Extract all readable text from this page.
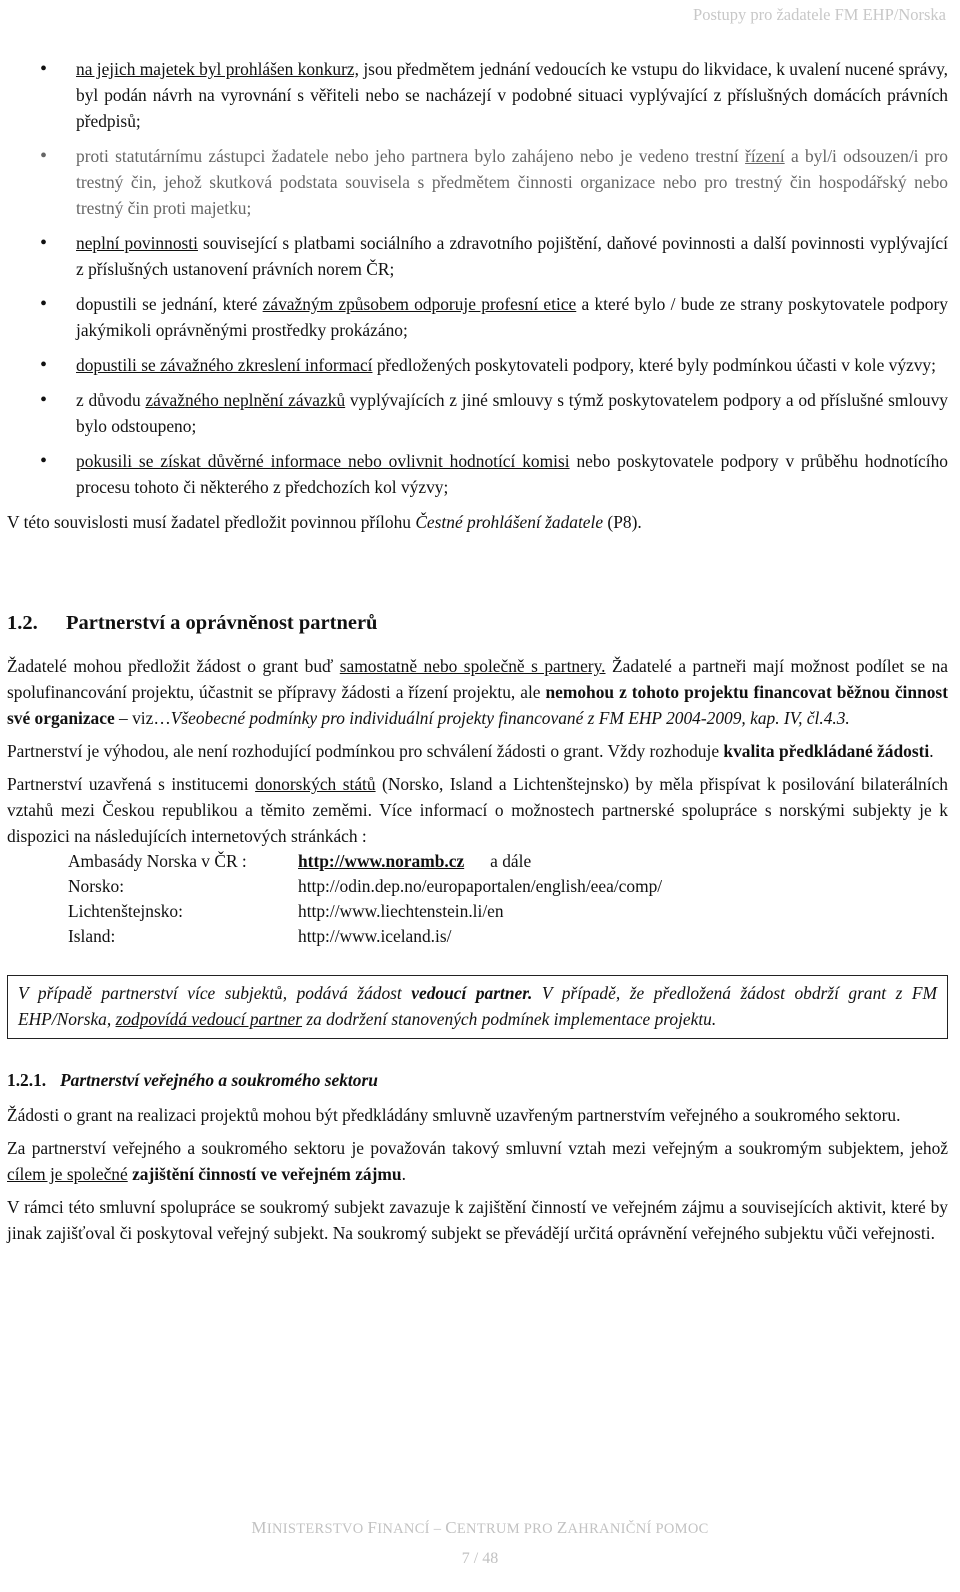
Postupy pro žadatele FM EHP/Norska
• na jejich majetek byl prohlášen konkurz, jsou předmětem jednání vedoucích ke vstupu do likvidace, k uvalení nucené správy, byl podán návrh na vyrovnání s věřiteli nebo se nacházejí v podobné situaci vyplývající z příslušných domácích právních předpisů;
• proti statutárnímu zástupci žadatele nebo jeho partnera bylo zahájeno nebo je vedeno trestní řízení a byl/i odsouzen/i pro trestný čin, jehož skutková podstata souvisela s předmětem činnosti organizace nebo pro trestný čin hospodářský nebo trestný čin proti majetku;
• neplní povinnosti související s platbami sociálního a zdravotního pojištění, daňové povinnosti a další povinnosti vyplývající z příslušných ustanovení právních norem ČR;
• dopustili se jednání, které závažným způsobem odporuje profesní etice a které bylo / bude ze strany poskytovatele podpory jakýmikoli oprávněnými prostředky prokázáno;
• dopustili se závažného zkreslení informací předložených poskytovateli podpory, které byly podmínkou účasti v kole výzvy;
• z důvodu závažného neplnění závazků vyplývajících z jiné smlouvy s týmž poskytovatelem podpory a od příslušné smlouvy bylo odstoupeno;
• pokusili se získat důvěrné informace nebo ovlivnit hodnotící komisi nebo poskytovatele podpory v průběhu hodnotícího procesu tohoto či některého z předchozích kol výzvy;

V této souvislosti musí žadatel předložit povinnou přílohu Čestné prohlášení žadatele (P8).

1.2. Partnerství a oprávněnost partnerů

Žadatelé mohou předložit žádost o grant buď samostatně nebo společně s partnery. Žadatelé a partneři mají možnost podílet se na spolufinancování projektu, účastnit se přípravy žádosti a řízení projektu, ale nemohou z tohoto projektu financovat běžnou činnost své organizace – viz…Všeobecné podmínky pro individuální projekty financované z FM EHP 2004-2009, kap. IV, čl.4.3.

Partnerství je výhodou, ale není rozhodující podmínkou pro schválení žádosti o grant. Vždy rozhoduje kvalita předkládané žádosti.

Partnerství uzavřená s institucemi donorských států (Norsko, Island a Lichtenštejnsko) by měla přispívat k posilování bilaterálních vztahů mezi Českou republikou a těmito zeměmi. Více informací o možnostech partnerské spolupráce s norskými subjekty je k dispozici na následujících internetových stránkách :

Ambasády Norska v ČR :	http://www.noramb.cz a dále
Norsko:	http://odin.dep.no/europaportalen/english/eea/comp/
Lichtenštejnsko:	http://www.liechtenstein.li/en
Island:	http://www.iceland.is/
V případě partnerství více subjektů, podává žádost vedoucí partner. V případě, že předložená žádost obdrží grant z FM EHP/Norska, zodpovídá vedoucí partner za dodržení stanovených podmínek implementace projektu.
1.2.1. Partnerství veřejného a soukromého sektoru

Žádosti o grant na realizaci projektů mohou být předkládány smluvně uzavřeným partnerstvím veřejného a soukromého sektoru.

Za partnerství veřejného a soukromého sektoru je považován takový smluvní vztah mezi veřejným a soukromým subjektem, jehož cílem je společné zajištění činností ve veřejném zájmu.

V rámci této smluvní spolupráce se soukromý subjekt zavazuje k zajištění činností ve veřejném zájmu a souvisejících aktivit, které by jinak zajišťoval či poskytoval veřejný subjekt. Na soukromý subjekt se převádějí určitá oprávnění veřejného subjektu vůči veřejnosti.

MINISTERSTVO FINANCÍ – CENTRUM PRO ZAHRANIČNÍ POMOC
7 / 48
